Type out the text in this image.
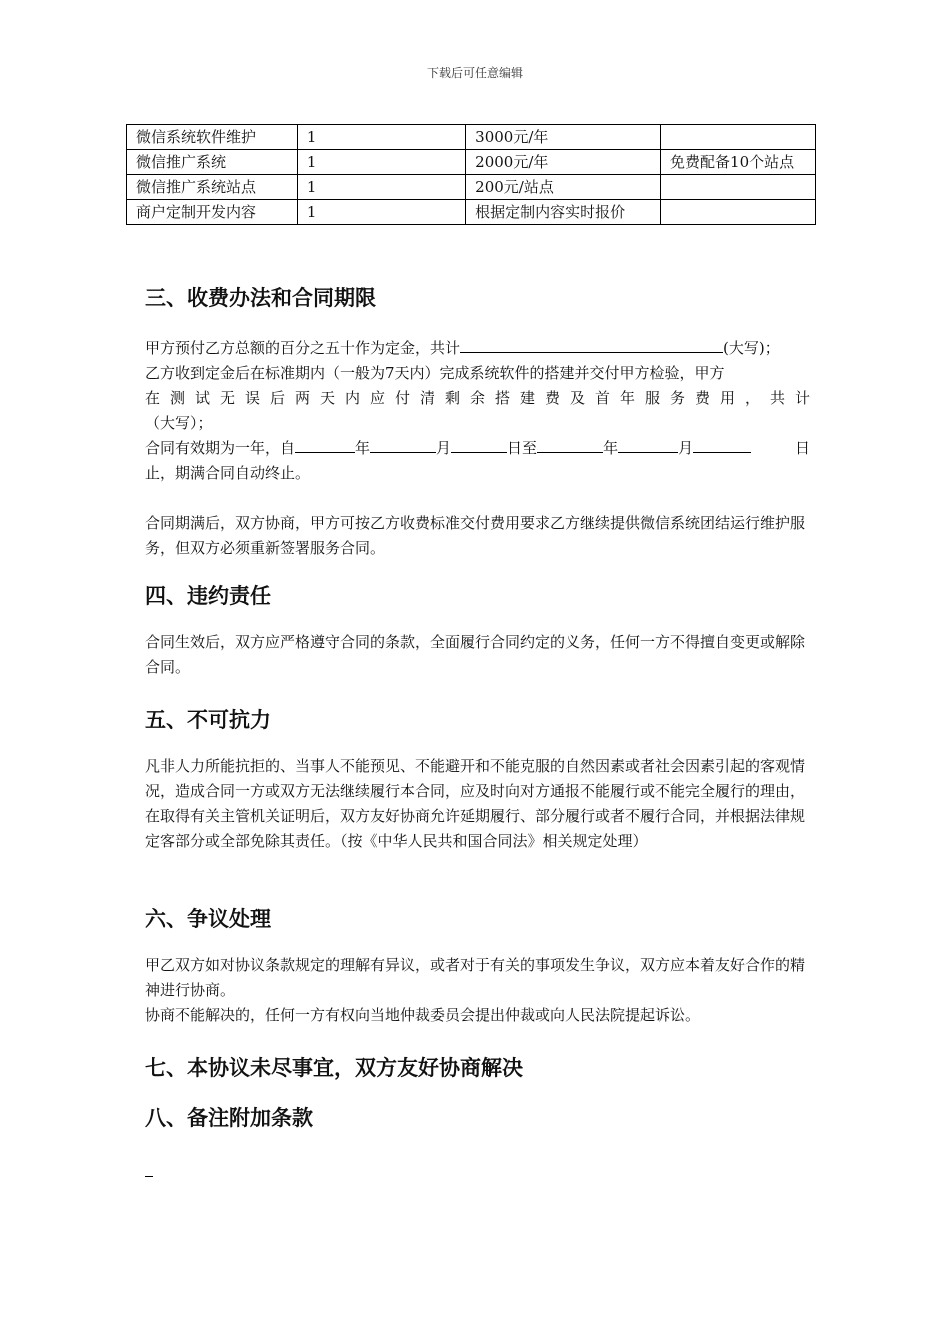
下载后可任意编辑
微信系统软件维护	1	3000元/年	
微信推广系统	1	2000元/年	免费配备10个站点
微信推广系统站点	1	200元/站点	
商户定制开发内容	1	根据定制内容实时报价	
三、收费办法和合同期限

甲方预付乙方总额的百分之五十作为定金，共计	(大写)；

乙方收到定金后在标准期内（一般为7天内）完成系统软件的搭建并交付甲方检验，甲方

在测试无误后两天内应付清剩余搭建费及首年服务费用，共计

（大写）；

合同有效期为一年，自	年	月	日至	年	月	日

止，期满合同自动终止。

合同期满后，双方协商，甲方可按乙方收费标准交付费用要求乙方继续提供微信系统团结运行维护服务，但双方必须重新签署服务合同。

四、违约责任

合同生效后，双方应严格遵守合同的条款，全面履行合同约定的义务，任何一方不得擅自变更或解除合同。

五、不可抗力

凡非人力所能抗拒的、当事人不能预见、不能避开和不能克服的自然因素或者社会因素引起的客观情况，造成合同一方或双方无法继续履行本合同，应及时向对方通报不能履行或不能完全履行的理由，在取得有关主管机关证明后，双方友好协商允许延期履行、部分履行或者不履行合同，并根据法律规定客部分或全部免除其责任。（按《中华人民共和国合同法》相关规定处理）

六、争议处理

甲乙双方如对协议条款规定的理解有异议，或者对于有关的事项发生争议，双方应本着友好合作的精神进行协商。

协商不能解决的，任何一方有权向当地仲裁委员会提出仲裁或向人民法院提起诉讼。

七、本协议未尽事宜，双方友好协商解决
八、备注附加条款
